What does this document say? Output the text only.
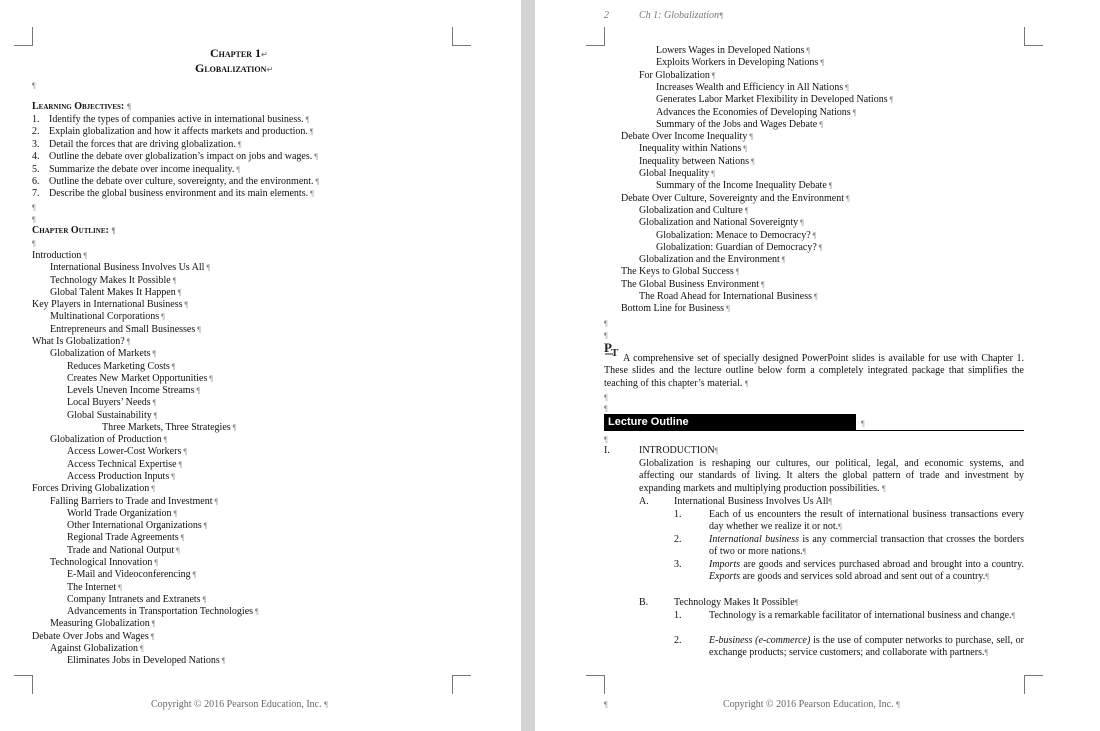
Chapter 1↵
Globalization↵
¶
Learning Objectives: ¶
1. Identify the types of companies active in international business. ¶
2. Explain globalization and how it affects markets and production. ¶
3. Detail the forces that are driving globalization. ¶
4. Outline the debate over globalization’s impact on jobs and wages. ¶
5. Summarize the debate over income inequality. ¶
6. Outline the debate over culture, sovereignty, and the environment. ¶
7. Describe the global business environment and its main elements. ¶
¶
¶
Chapter Outline: ¶
¶
Introduction ¶
International Business Involves Us All ¶
Technology Makes It Possible ¶
Global Talent Makes It Happen ¶
Key Players in International Business ¶
Multinational Corporations ¶
Entrepreneurs and Small Businesses ¶
What Is Globalization? ¶
Globalization of Markets ¶
Reduces Marketing Costs ¶
Creates New Market Opportunities ¶
Levels Uneven Income Streams ¶
Local Buyers’ Needs ¶
Global Sustainability ¶
Three Markets, Three Strategies ¶
Globalization of Production ¶
Access Lower-Cost Workers ¶
Access Technical Expertise ¶
Access Production Inputs ¶
Forces Driving Globalization ¶
Falling Barriers to Trade and Investment ¶
World Trade Organization ¶
Other International Organizations ¶
Regional Trade Agreements ¶
Trade and National Output ¶
Technological Innovation ¶
E-Mail and Videoconferencing ¶
The Internet ¶
Company Intranets and Extranets ¶
Advancements in Transportation Technologies ¶
Measuring Globalization ¶
Debate Over Jobs and Wages ¶
Against Globalization ¶
Eliminates Jobs in Developed Nations ¶
Copyright © 2016 Pearson Education, Inc. ¶
2	Ch 1: Globalization¶
Lowers Wages in Developed Nations ¶
Exploits Workers in Developing Nations ¶
For Globalization ¶
Increases Wealth and Efficiency in All Nations ¶
Generates Labor Market Flexibility in Developed Nations ¶
Advances the Economies of Developing Nations ¶
Summary of the Jobs and Wages Debate ¶
Debate Over Income Inequality ¶
Inequality within Nations ¶
Inequality between Nations ¶
Global Inequality ¶
Summary of the Income Inequality Debate ¶
Debate Over Culture, Sovereignty and the Environment ¶
Globalization and Culture ¶
Globalization and National Sovereignty ¶
Globalization: Menace to Democracy? ¶
Globalization: Guardian of Democracy? ¶
Globalization and the Environment ¶
The Keys to Global Success ¶
The Global Business Environment ¶
The Road Ahead for International Business ¶
Bottom Line for Business ¶
¶
¶
P T A comprehensive set of specially designed PowerPoint slides is available for use with Chapter 1. These slides and the lecture outline below form a completely integrated package that simplifies the teaching of this chapter’s material. ¶
¶
¶
Lecture Outline	¶
¶
I.	INTRODUCTION¶
Globalization is reshaping our cultures, our political, legal, and economic systems, and affecting our standards of living. It alters the global pattern of trade and investment by expanding markets and multiplying production possibilities. ¶
A.	International Business Involves Us All¶
1.	Each of us encounters the result of international business transactions every day whether we realize it or not.¶
2.	International business is any commercial transaction that crosses the borders of two or more nations.¶
3.	Imports are goods and services purchased abroad and brought into a country. Exports are goods and services sold abroad and sent out of a country.¶
B.	Technology Makes It Possible¶
1.	Technology is a remarkable facilitator of international business and change.¶
2.	E-business (e-commerce) is the use of computer networks to purchase, sell, or exchange products; service customers; and collaborate with partners.¶
¶	Copyright © 2016 Pearson Education, Inc. ¶
